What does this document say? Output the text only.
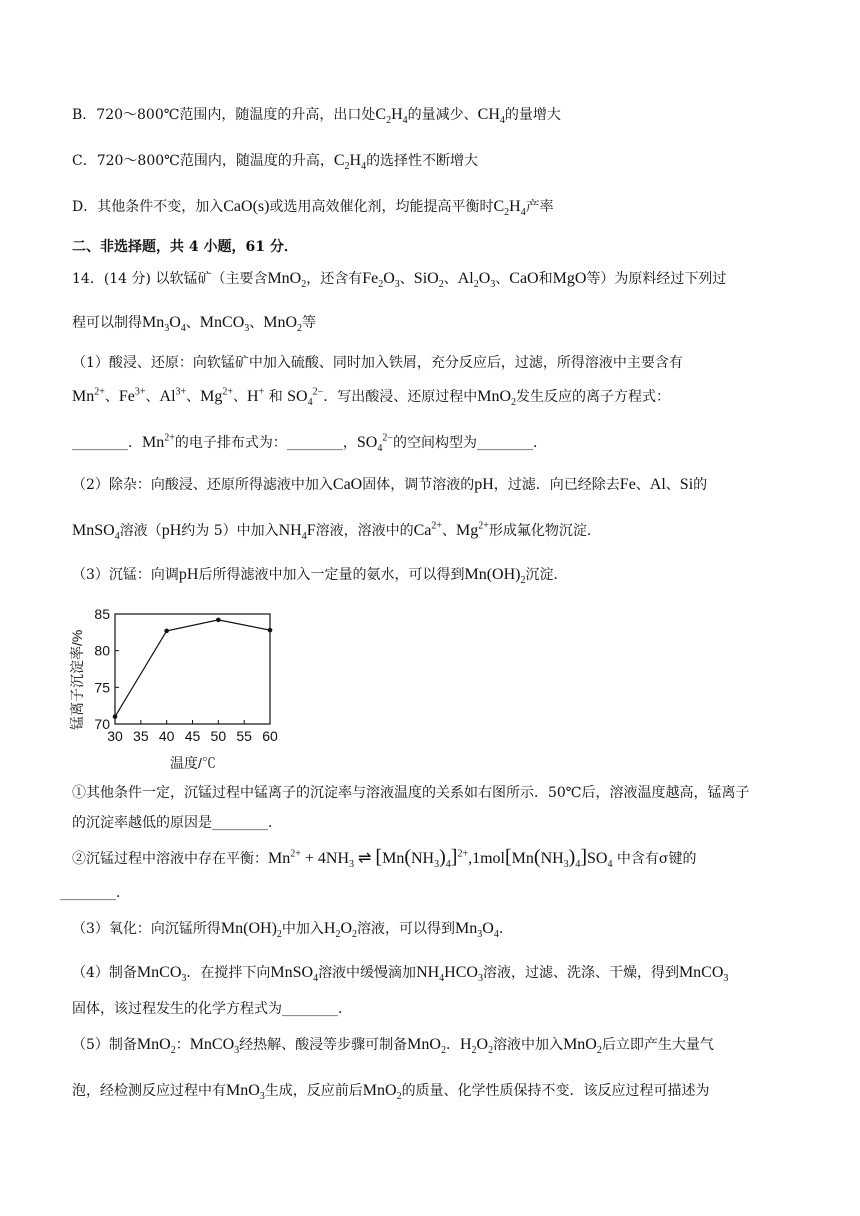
B．720～800℃范围内，随温度的升高，出口处$C_2H_4$的量减少、$CH_4$的量增大
C．720～800℃范围内，随温度的升高，$C_2H_4$的选择性不断增大
D．其他条件不变，加入CaO(s)或选用高效催化剂，均能提高平衡时$C_2H_4$产率
二、非选择题，共 4 小题，61 分．
14．(14 分) 以软锰矿（主要含MnO$_2$，还含有$Fe_2O_3$、SiO$_2$、$Al_2O_3$、CaO和MgO等）为原料经过下列过
程可以制得$Mn_3O_4$、MnCO$_3$、MnO$_2$等
（1）酸浸、还原：向软锰矿中加入硫酸、同时加入铁屑，充分反应后，过滤，所得溶液中主要含有
$Mn^{2+}$、$Fe^{3+}$、$Al^{3+}$、$Mg^{2+}$、H+ 和 $SO_4^{2-}$．写出酸浸、还原过程中MnO$_2$发生反应的离子方程式：
________．$Mn^{2+}$的电子排布式为：________，$SO_4^{2-}$的空间构型为________．
（2）除杂：向酸浸、还原所得滤液中加入CaO固体，调节溶液的pH，过滤．向已经除去Fe、Al、Si的
MnSO$_4$溶液（pH约为 5）中加入$NH_4F$溶液，溶液中的$Ca^{2+}$、$Mg^{2+}$形成氟化物沉淀．
（3）沉锰：向调pH后所得滤液中加入一定量的氨水，可以得到$Mn(OH)_2$沉淀．
30 35 40 45 50 55 60
70
75
80
85
锰离子沉淀率/%
温度/℃
①其他条件一定，沉锰过程中锰离子的沉淀率与溶液温度的关系如右图所示．50℃后，溶液温度越高，锰离子
的沉淀率越低的原因是________．
②沉锰过程中溶液中存在平衡：$Mn^{2+} + 4NH_3$ ⇌ $[Mn(NH_3)_4]^{2+},1mol[Mn(NH_3)_4]SO_4$ 中含有σ键的
________．
（3）氧化：向沉锰所得$Mn(OH)_2$中加入$H_2O_2$溶液，可以得到$Mn_3O_4$．
（4）制备MnCO$_3$．在搅拌下向MnSO$_4$溶液中缓慢滴加$NH_4HCO_3$溶液，过滤、洗涤、干燥，得到MnCO$_3$
固体，该过程发生的化学方程式为________．
（5）制备MnO$_2$：MnCO$_3$经热解、酸浸等步骤可制备MnO$_2$．$H_2O_2$溶液中加入MnO$_2$后立即产生大量气
泡，经检测反应过程中有MnO$_3$生成，反应前后MnO$_2$的质量、化学性质保持不变．该反应过程可描述为
